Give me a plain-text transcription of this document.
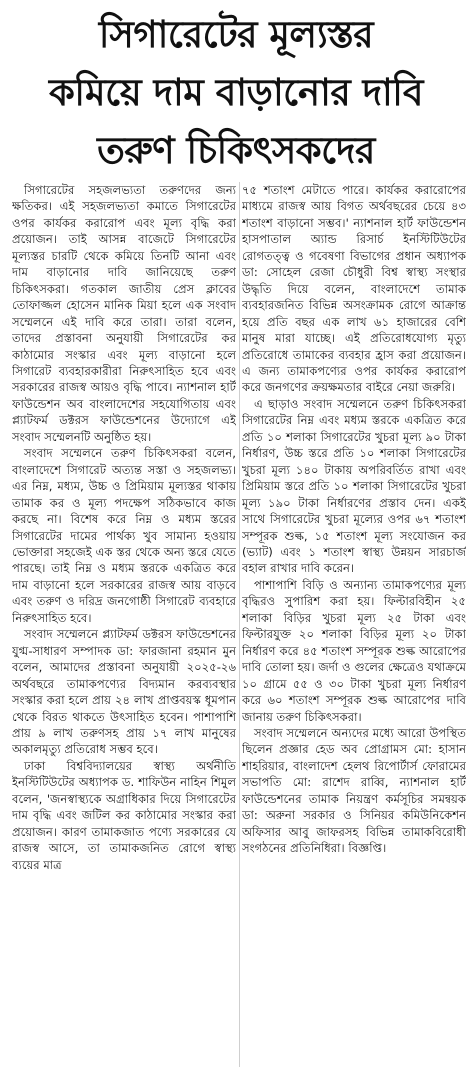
সিগারেটের মূল্যস্তর
কমিয়ে দাম বাড়ানোর দাবি
তরুণ চিকিৎসকদের

সিগারেটের সহজলভ্যতা তরুণদের জন্য ক্ষতিকর। এই সহজলভ্যতা কমাতে সিগারেটের ওপর কার্যকর করারোপ এবং মূল্য বৃদ্ধি করা প্রয়োজন। তাই আসন্ন বাজেটে সিগারেটের মূল্যস্তর চারটি থেকে কমিয়ে তিনটি আনা এবং দাম বাড়ানোর দাবি জানিয়েছে তরুণ চিকিৎসকরা। গতকাল জাতীয় প্রেস ক্লাবের তোফাজ্জল হোসেন মানিক মিয়া হলে এক সংবাদ সম্মেলনে এই দাবি করে তারা। তারা বলেন, তাদের প্রস্তাবনা অনুযায়ী সিগারেটের কর কাঠামোর সংস্কার এবং মূল্য বাড়ানো হলে সিগারেট ব্যবহারকারীরা নিরুৎসাহিত হবে এবং সরকারের রাজস্ব আয়ও বৃদ্ধি পাবে। ন্যাশনাল হার্ট ফাউন্ডেশন অব বাংলাদেশের সহযোগিতায় এবং প্ল্যাটফর্ম ডক্টরস ফাউন্ডেশনের উদ্যোগে এই সংবাদ সম্মেলনটি অনুষ্ঠিত হয়।

সংবাদ সম্মেলনে তরুণ চিকিৎসকরা বলেন, বাংলাদেশে সিগারেট অত্যন্ত সস্তা ও সহজলভ্য। এর নিম্ন, মধ্যম, উচ্চ ও প্রিমিয়াম মূল্যস্তর থাকায় তামাক কর ও মূল্য পদক্ষেপ সঠিকভাবে কাজ করছে না। বিশেষ করে নিম্ন ও মধ্যম স্তরের সিগারেটের দামের পার্থক্য খুব সামান্য হওয়ায় ভোক্তারা সহজেই এক স্তর থেকে অন্য স্তরে যেতে পারছে। তাই নিম্ন ও মধ্যম স্তরকে একত্রিত করে দাম বাড়ানো হলে সরকারের রাজস্ব আয় বাড়বে এবং তরুণ ও দরিদ্র জনগোষ্ঠী সিগারেট ব্যবহারে নিরুৎসাহিত হবে।

সংবাদ সম্মেলনে প্ল্যাটফর্ম ডক্টরস ফাউন্ডেশনের যুগ্ম-সাধারণ সম্পাদক ডা: ফারজানা রহমান মুন বলেন, আমাদের প্রস্তাবনা অনুযায়ী ২০২৫-২৬ অর্থবছরে তামাকপণ্যের বিদ্যমান করব্যবস্থার সংস্কার করা হলে প্রায় ২৪ লাখ প্রাপ্তবয়স্ক ধূমপান থেকে বিরত থাকতে উৎসাহিত হবেন। পাশাপাশি প্রায় ৯ লাখ তরুণসহ প্রায় ১৭ লাখ মানুষের অকালমৃত্যু প্রতিরোধ সম্ভব হবে।

ঢাকা বিশ্ববিদ্যালয়ের স্বাস্থ্য অর্থনীতি ইনস্টিটিউটের অধ্যাপক ড. শাফিউন নাহিন শিমুল বলেন, 'জনস্বাস্থ্যকে অগ্রাধিকার দিয়ে সিগারেটের দাম বৃদ্ধি এবং জটিল কর কাঠামোর সংস্কার করা প্রয়োজন। কারণ তামাকজাত পণ্যে সরকারের যে রাজস্ব আসে, তা তামাকজনিত রোগে স্বাস্থ্য ব্যয়ের মাত্র

৭৫ শতাংশ মেটাতে পারে। কার্যকর করারোপের মাধ্যমে রাজস্ব আয় বিগত অর্থবছরের চেয়ে ৪৩ শতাংশ বাড়ানো সম্ভব।' ন্যাশনাল হার্ট ফাউন্ডেশন হাসপাতাল অ্যান্ড রিসার্চ ইনস্টিটিউটের রোগতত্ত্ব ও গবেষণা বিভাগের প্রধান অধ্যাপক ডা: সোহেল রেজা চৌধুরী বিশ্ব স্বাস্থ্য সংস্থার উদ্ধৃতি দিয়ে বলেন, বাংলাদেশে তামাক ব্যবহারজনিত বিভিন্ন অসংক্রামক রোগে আক্রান্ত হয়ে প্রতি বছর এক লাখ ৬১ হাজারের বেশি মানুষ মারা যাচ্ছে। এই প্রতিরোধযোগ্য মৃত্যু প্রতিরোধে তামাকের ব্যবহার হ্রাস করা প্রয়োজন। এ জন্য তামাকপণ্যের ওপর কার্যকর করারোপ করে জনগণের ক্রয়ক্ষমতার বাইরে নেয়া জরুরি।

এ ছাড়াও সংবাদ সম্মেলনে তরুণ চিকিৎসকরা সিগারেটের নিম্ন এবং মধ্যম স্তরকে একত্রিত করে প্রতি ১০ শলাকা সিগারেটের খুচরা মূল্য ৯০ টাকা নির্ধারণ, উচ্চ স্তরে প্রতি ১০ শলাকা সিগারেটের খুচরা মূল্য ১৪০ টাকায় অপরিবর্তিত রাখা এবং প্রিমিয়াম স্তরে প্রতি ১০ শলাকা সিগারেটের খুচরা মূল্য ১৯০ টাকা নির্ধারণের প্রস্তাব দেন। একই সাথে সিগারেটের খুচরা মূল্যের ওপর ৬৭ শতাংশ সম্পূরক শুল্ক, ১৫ শতাংশ মূল্য সংযোজন কর (ভ্যাট) এবং ১ শতাংশ স্বাস্থ্য উন্নয়ন সারচার্জ বহাল রাখার দাবি করেন।

পাশাপাশি বিড়ি ও অন্যান্য তামাকপণ্যের মূল্য বৃদ্ধিরও সুপারিশ করা হয়। ফিল্টারবিহীন ২৫ শলাকা বিড়ির খুচরা মূল্য ২৫ টাকা এবং ফিল্টারযুক্ত ২০ শলাকা বিড়ির মূল্য ২০ টাকা নির্ধারণ করে ৪৫ শতাংশ সম্পূরক শুল্ক আরোপের দাবি তোলা হয়। জর্দা ও গুলের ক্ষেত্রেও যথাক্রমে ১০ গ্রামে ৫৫ ও ৩০ টাকা খুচরা মূল্য নির্ধারণ করে ৬০ শতাংশ সম্পূরক শুল্ক আরোপের দাবি জানায় তরুণ চিকিৎসকরা।

সংবাদ সম্মেলনে অন্যদের মধ্যে আরো উপস্থিত ছিলেন প্রজ্ঞার হেড অব প্রোগ্রামস মো: হাসান শাহরিয়ার, বাংলাদেশ হেলথ রিপোর্টার্স ফোরামের সভাপতি মো: রাশেদ রাব্বি, ন্যাশনাল হার্ট ফাউন্ডেশনের তামাক নিয়ন্ত্রণ কর্মসূচির সমন্বয়ক ডা: অরুনা সরকার ও সিনিয়র কমিউনিকেশন অফিসার আবু জাফরসহ বিভিন্ন তামাকবিরোধী সংগঠনের প্রতিনিধিরা। বিজ্ঞপ্তি।
